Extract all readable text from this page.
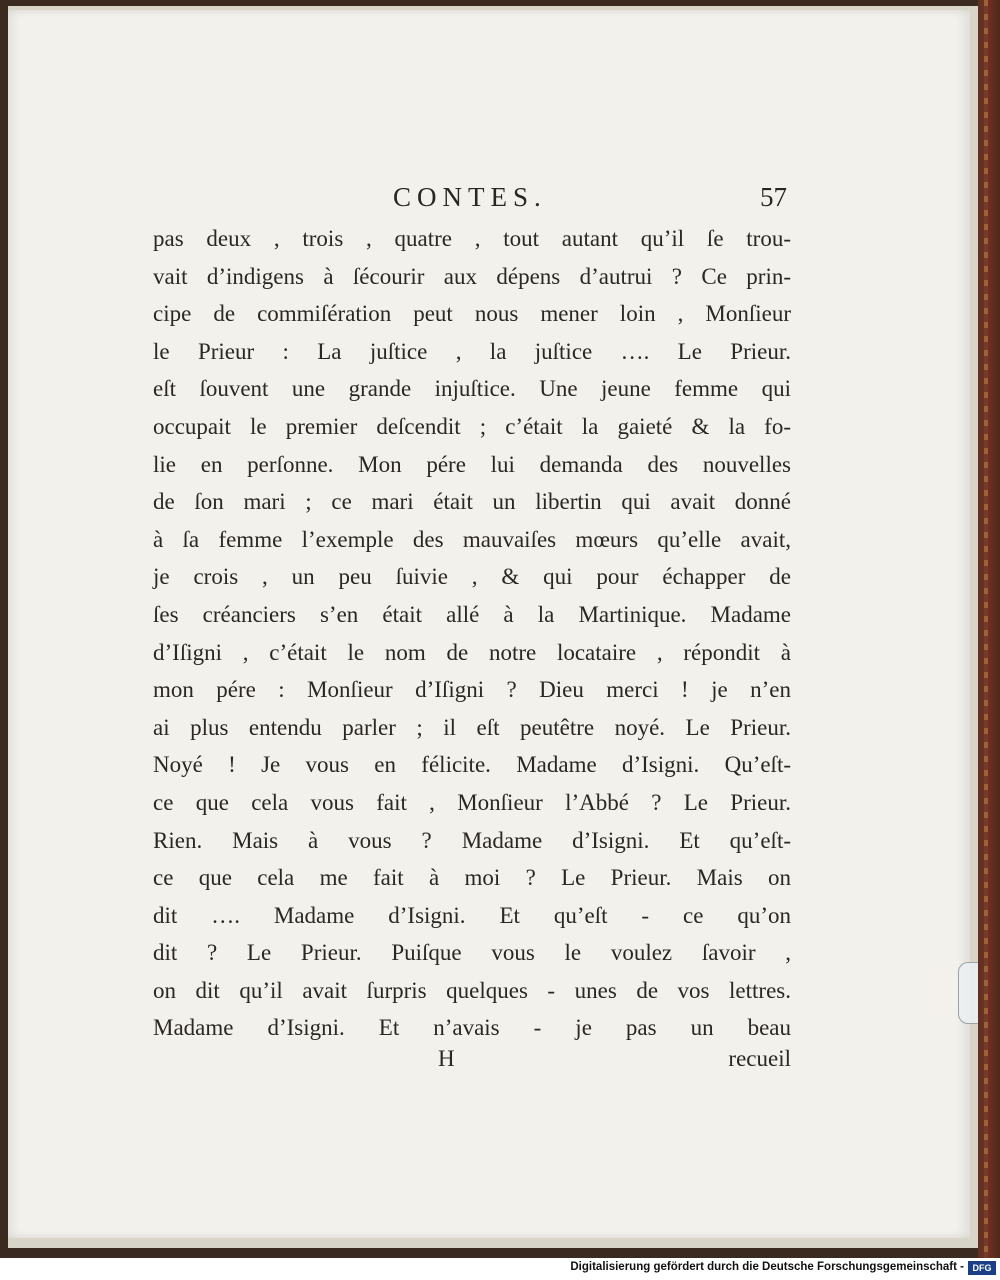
CONTES.	57
pas deux , trois , quatre , tout autant qu’il ſe trou-
vait d’indigens à ſécourir aux dépens d’autrui ? Ce prin-
cipe de commiſération peut nous mener loin , Monſieur
le Prieur : La juſtice , la juſtice …. Le Prieur.
eſt ſouvent une grande injuſtice. Une jeune femme qui
occupait le premier deſcendit ; c’était la gaieté & la fo-
lie en perſonne. Mon pére lui demanda des nouvelles
de ſon mari ; ce mari était un libertin qui avait donné
à ſa femme l’exemple des mauvaiſes mœurs qu’elle avait,
je crois , un peu ſuivie , & qui pour échapper de
ſes créanciers s’en était allé à la Martinique. Madame
d’Iſigni , c’était le nom de notre locataire , répondit à
mon pére : Monſieur d’Iſigni ? Dieu merci ! je n’en
ai plus entendu parler ; il eſt peutêtre noyé. Le Prieur.
Noyé ! Je vous en félicite. Madame d’Isigni. Qu’eſt-
ce que cela vous fait , Monſieur l’Abbé ? Le Prieur.
Rien. Mais à vous ? Madame d’Isigni. Et qu’eſt-
ce que cela me fait à moi ? Le Prieur. Mais on
dit …. Madame d’Isigni. Et qu’eſt - ce qu’on
dit ? Le Prieur. Puiſque vous le voulez ſavoir ,
on dit qu’il avait ſurpris quelques - unes de vos lettres.
Madame d’Isigni. Et n’avais - je pas un beau
H	recueil
Digitalisierung gefördert durch die Deutsche Forschungsgemeinschaft - DFG
